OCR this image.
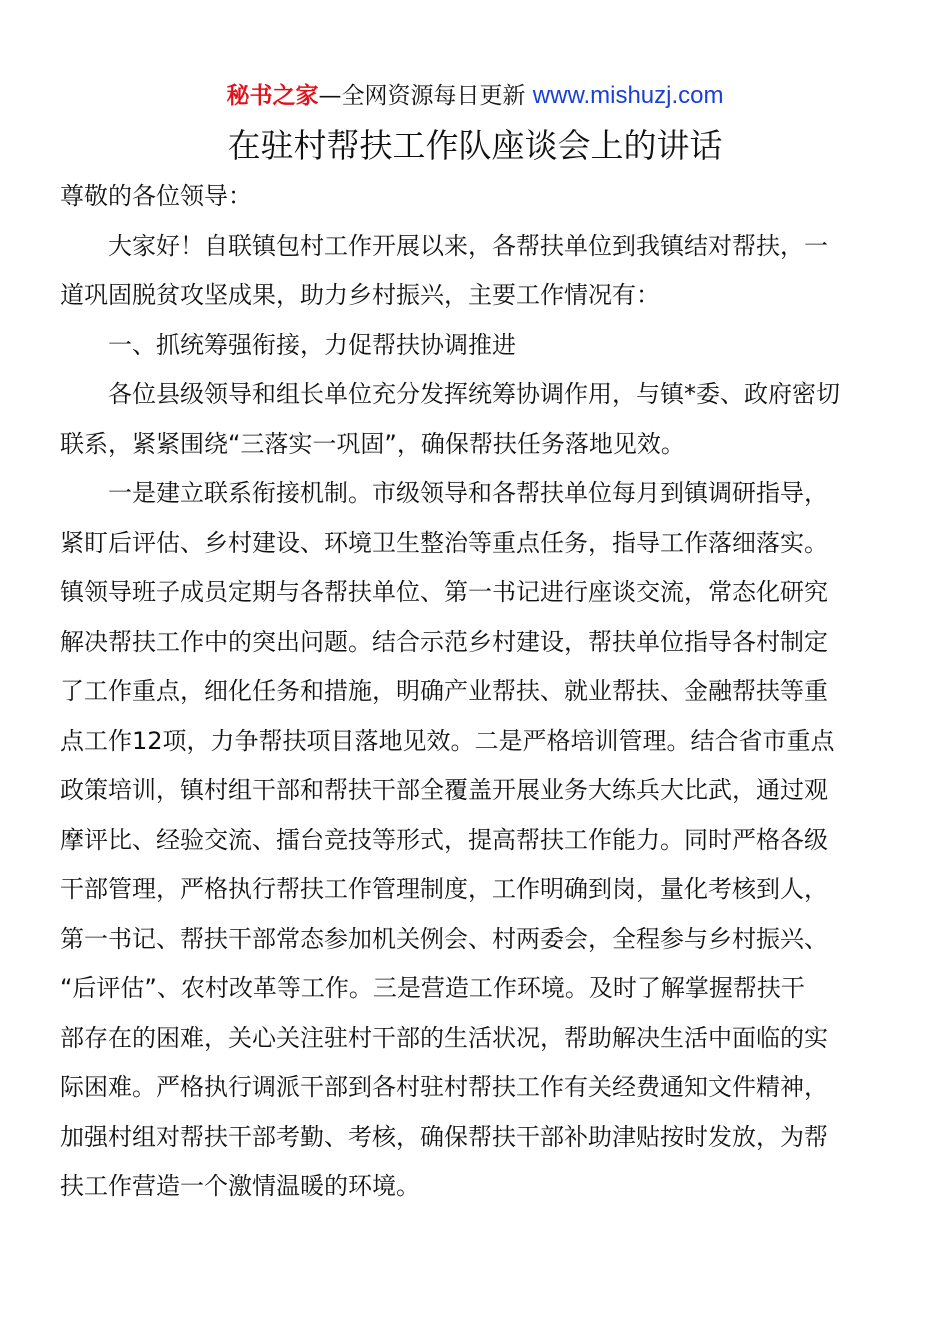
秘书之家—全网资源每日更新 www.mishuzj.com
在驻村帮扶工作队座谈会上的讲话
尊敬的各位领导：
大家好！自联镇包村工作开展以来，各帮扶单位到我镇结对帮扶，一
道巩固脱贫攻坚成果，助力乡村振兴，主要工作情况有：
一、抓统筹强衔接，力促帮扶协调推进
各位县级领导和组长单位充分发挥统筹协调作用，与镇*委、政府密切
联系，紧紧围绕“三落实一巩固”，确保帮扶任务落地见效。
一是建立联系衔接机制。市级领导和各帮扶单位每月到镇调研指导，
紧盯后评估、乡村建设、环境卫生整治等重点任务，指导工作落细落实。
镇领导班子成员定期与各帮扶单位、第一书记进行座谈交流，常态化研究
解决帮扶工作中的突出问题。结合示范乡村建设，帮扶单位指导各村制定
了工作重点，细化任务和措施，明确产业帮扶、就业帮扶、金融帮扶等重
点工作12项，力争帮扶项目落地见效。二是严格培训管理。结合省市重点
政策培训，镇村组干部和帮扶干部全覆盖开展业务大练兵大比武，通过观
摩评比、经验交流、擂台竞技等形式，提高帮扶工作能力。同时严格各级
干部管理，严格执行帮扶工作管理制度，工作明确到岗，量化考核到人，
第一书记、帮扶干部常态参加机关例会、村两委会，全程参与乡村振兴、
“后评估”、农村改革等工作。三是营造工作环境。及时了解掌握帮扶干
部存在的困难，关心关注驻村干部的生活状况，帮助解决生活中面临的实
际困难。严格执行调派干部到各村驻村帮扶工作有关经费通知文件精神，
加强村组对帮扶干部考勤、考核，确保帮扶干部补助津贴按时发放，为帮
扶工作营造一个激情温暖的环境。
